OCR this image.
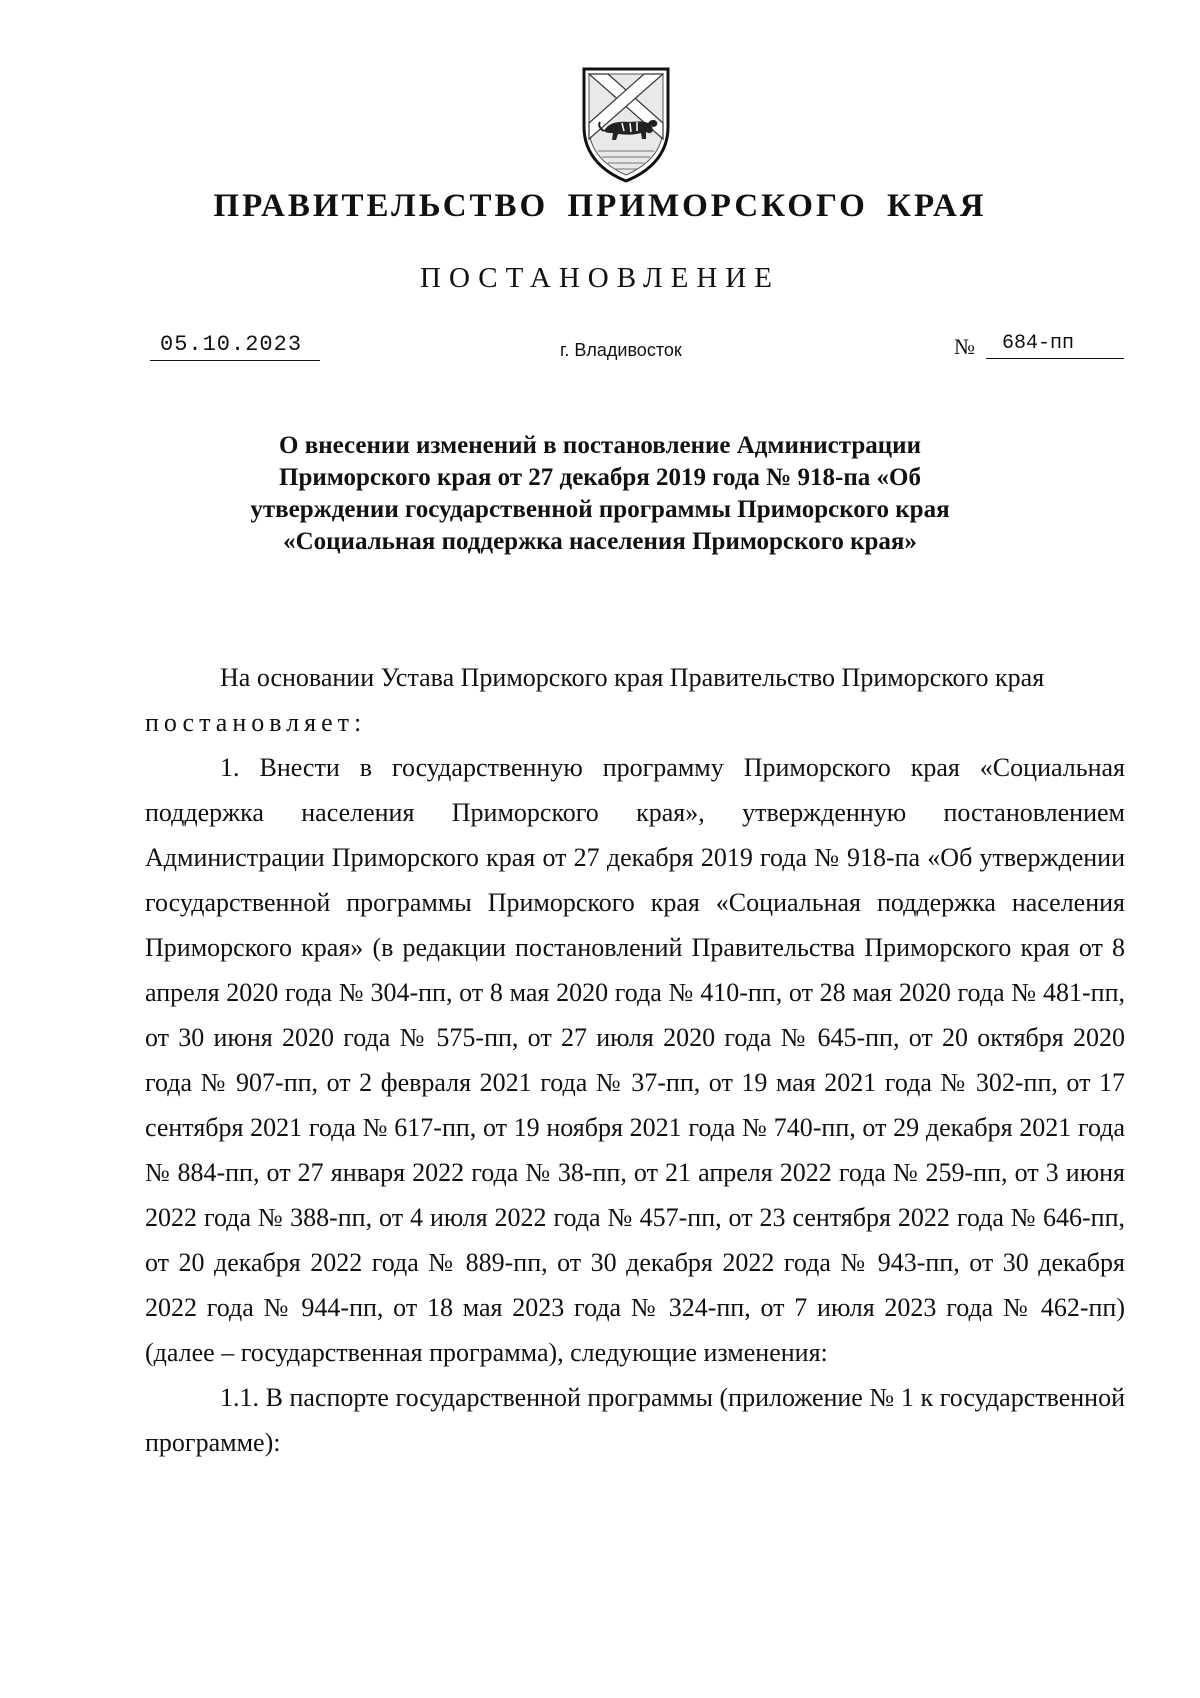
ПРАВИТЕЛЬСТВО ПРИМОРСКОГО КРАЯ
ПОСТАНОВЛЕНИЕ
05.10.2023	г. Владивосток	№	684-пп
О внесении изменений в постановление Администрации Приморского края от 27 декабря 2019 года № 918-па «Об утверждении государственной программы Приморского края «Социальная поддержка населения Приморского края»

На основании Устава Приморского края Правительство Приморского края

постановляет:

1. Внести в государственную программу Приморского края «Социальная поддержка населения Приморского края», утвержденную постановлением Администрации Приморского края от 27 декабря 2019 года № 918-па «Об утверждении государственной программы Приморского края «Социальная поддержка населения Приморского края» (в редакции постановлений Правительства Приморского края от 8 апреля 2020 года № 304-пп, от 8 мая 2020 года № 410-пп, от 28 мая 2020 года № 481-пп, от 30 июня 2020 года № 575-пп, от 27 июля 2020 года № 645-пп, от 20 октября 2020 года № 907-пп, от 2 февраля 2021 года № 37-пп, от 19 мая 2021 года № 302-пп, от 17 сентября 2021 года № 617-пп, от 19 ноября 2021 года № 740-пп, от 29 декабря 2021 года № 884-пп, от 27 января 2022 года № 38-пп, от 21 апреля 2022 года № 259-пп, от 3 июня 2022 года № 388-пп, от 4 июля 2022 года № 457-пп, от 23 сентября 2022 года № 646-пп, от 20 декабря 2022 года № 889-пп, от 30 декабря 2022 года № 943-пп, от 30 декабря 2022 года № 944-пп, от 18 мая 2023 года № 324-пп, от 7 июля 2023 года № 462-пп) (далее – государственная программа), следующие изменения:

1.1. В паспорте государственной программы (приложение № 1 к государственной программе):
